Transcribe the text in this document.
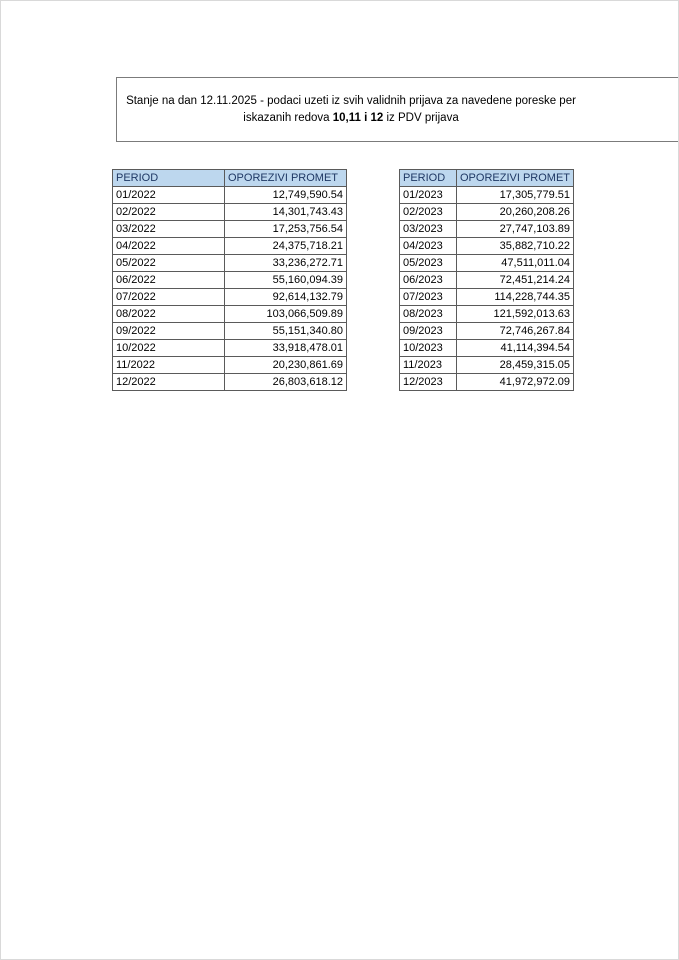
Stanje na dan 12.11.2025 - podaci uzeti iz svih validnih prijava za navedene poreske per
iskazanih redova 10,11 i 12 iz PDV prijava
PERIOD	OPOREZIVI PROMET
01/2022	12,749,590.54
02/2022	14,301,743.43
03/2022	17,253,756.54
04/2022	24,375,718.21
05/2022	33,236,272.71
06/2022	55,160,094.39
07/2022	92,614,132.79
08/2022	103,066,509.89
09/2022	55,151,340.80
10/2022	33,918,478.01
11/2022	20,230,861.69
12/2022	26,803,618.12
PERIOD	OPOREZIVI PROMET
01/2023	17,305,779.51
02/2023	20,260,208.26
03/2023	27,747,103.89
04/2023	35,882,710.22
05/2023	47,511,011.04
06/2023	72,451,214.24
07/2023	114,228,744.35
08/2023	121,592,013.63
09/2023	72,746,267.84
10/2023	41,114,394.54
11/2023	28,459,315.05
12/2023	41,972,972.09
